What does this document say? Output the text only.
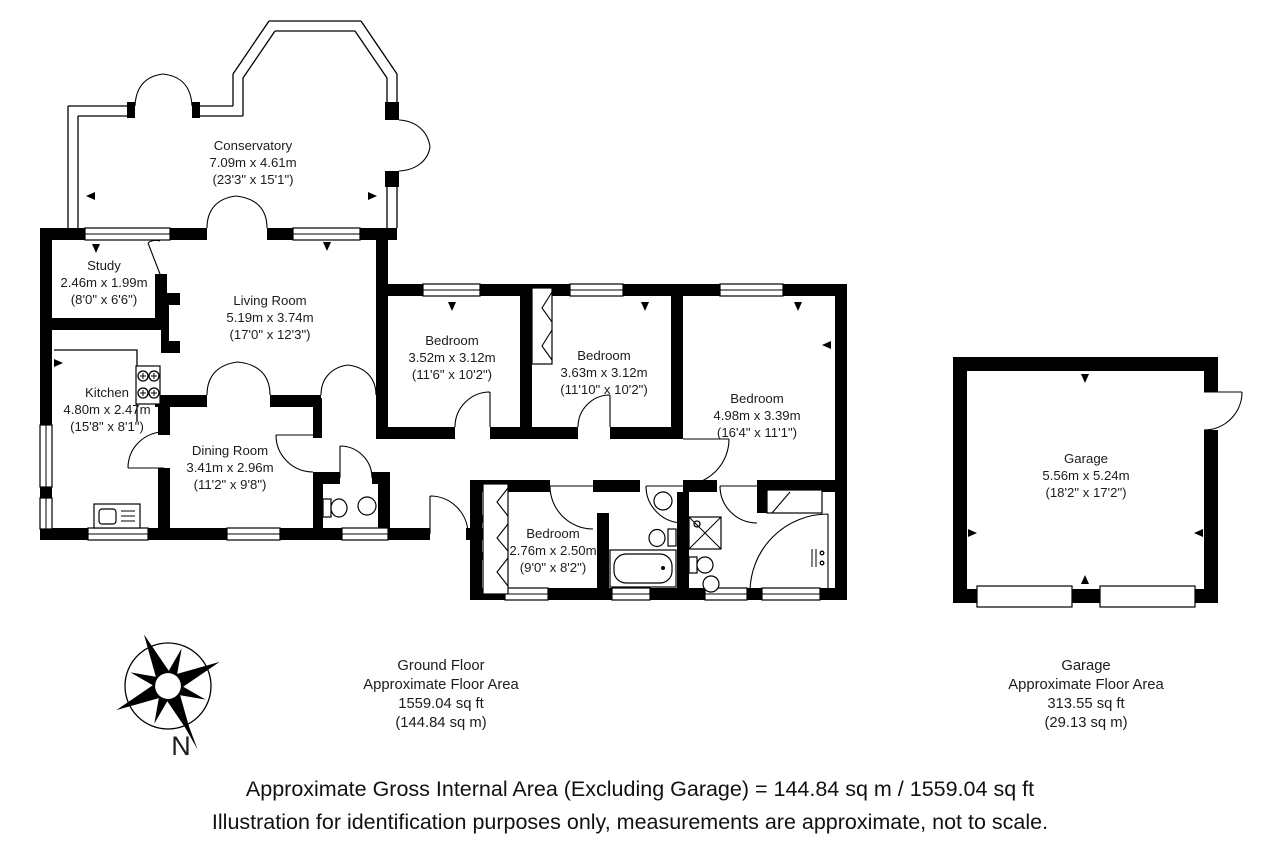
N
Conservatory
7.09m x 4.61m
(23'3" x 15'1")
Study
2.46m x 1.99m
(8'0" x 6'6")	Living Room
5.19m x 3.74m
(17'0" x 12'3")
Kitchen
4.80m x 2.47m
(15'8" x 8'1")
Dining Room
3.41m x 2.96m
(11'2" x 9'8")
Bedroom
3.52m x 3.12m
(11'6" x 10'2")
Bedroom
3.63m x 3.12m
(11'10" x 10'2")
Bedroom
4.98m x 3.39m
(16'4" x 11'1")
Bedroom
2.76m x 2.50m
(9'0" x 8'2")
Garage
5.56m x 5.24m
(18'2" x 17'2")
Ground Floor
Approximate Floor Area
1559.04 sq ft
(144.84 sq m)
Garage
Approximate Floor Area
313.55 sq ft
(29.13 sq m)
Approximate Gross Internal Area (Excluding Garage) = 144.84 sq m / 1559.04 sq ft
Illustration for identification purposes only, measurements are approximate, not to scale.
